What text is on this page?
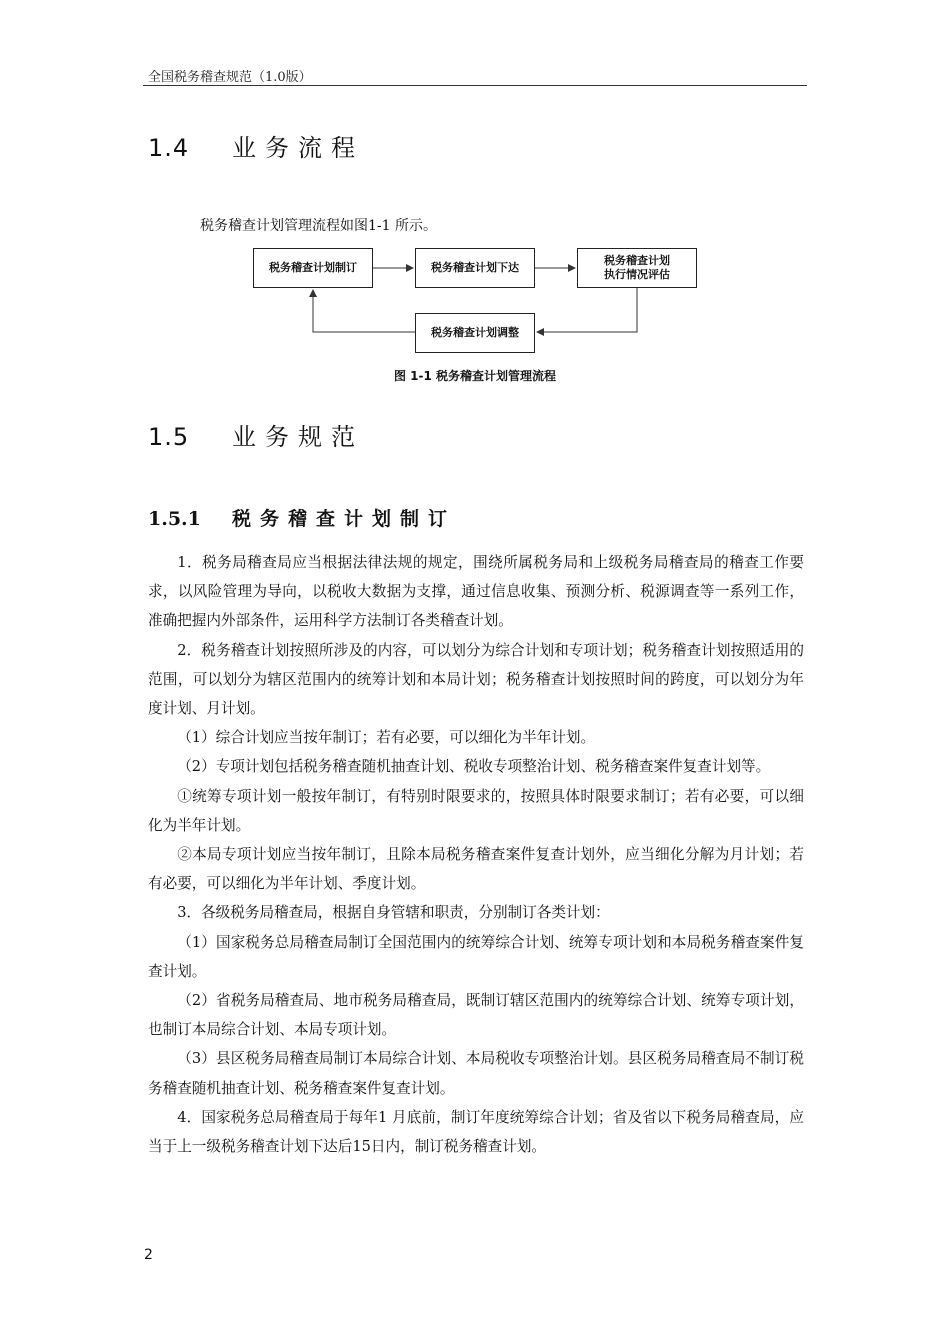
全国税务稽查规范（1.0版）
1.4 业务流程
税务稽查计划管理流程如图1-1 所示。
税务稽查计划制订	税务稽查计划下达
税务稽查计划
执行情况评估
税务稽查计划调整
图 1-1 税务稽查计划管理流程
1.5 业务规范
1.5.1 税务稽查计划制订

1．税务局稽查局应当根据法律法规的规定，围绕所属税务局和上级税务局稽查局的稽查工作要求，以风险管理为导向，以税收大数据为支撑，通过信息收集、预测分析、税源调查等一系列工作，准确把握内外部条件，运用科学方法制订各类稽查计划。

2．税务稽查计划按照所涉及的内容，可以划分为综合计划和专项计划；税务稽查计划按照适用的范围，可以划分为辖区范围内的统筹计划和本局计划；税务稽查计划按照时间的跨度，可以划分为年度计划、月计划。

（1）综合计划应当按年制订；若有必要，可以细化为半年计划。

（2）专项计划包括税务稽查随机抽查计划、税收专项整治计划、税务稽查案件复查计划等。

①统筹专项计划一般按年制订，有特别时限要求的，按照具体时限要求制订；若有必要，可以细化为半年计划。

②本局专项计划应当按年制订，且除本局税务稽查案件复查计划外，应当细化分解为月计划；若有必要，可以细化为半年计划、季度计划。

3．各级税务局稽查局，根据自身管辖和职责，分别制订各类计划：

（1）国家税务总局稽查局制订全国范围内的统筹综合计划、统筹专项计划和本局税务稽查案件复查计划。

（2）省税务局稽查局、地市税务局稽查局，既制订辖区范围内的统筹综合计划、统筹专项计划，也制订本局综合计划、本局专项计划。

（3）县区税务局稽查局制订本局综合计划、本局税收专项整治计划。县区税务局稽查局不制订税务稽查随机抽查计划、税务稽查案件复查计划。

4．国家税务总局稽查局于每年1 月底前，制订年度统筹综合计划；省及省以下税务局稽查局，应当于上一级税务稽查计划下达后15日内，制订税务稽查计划。

2
